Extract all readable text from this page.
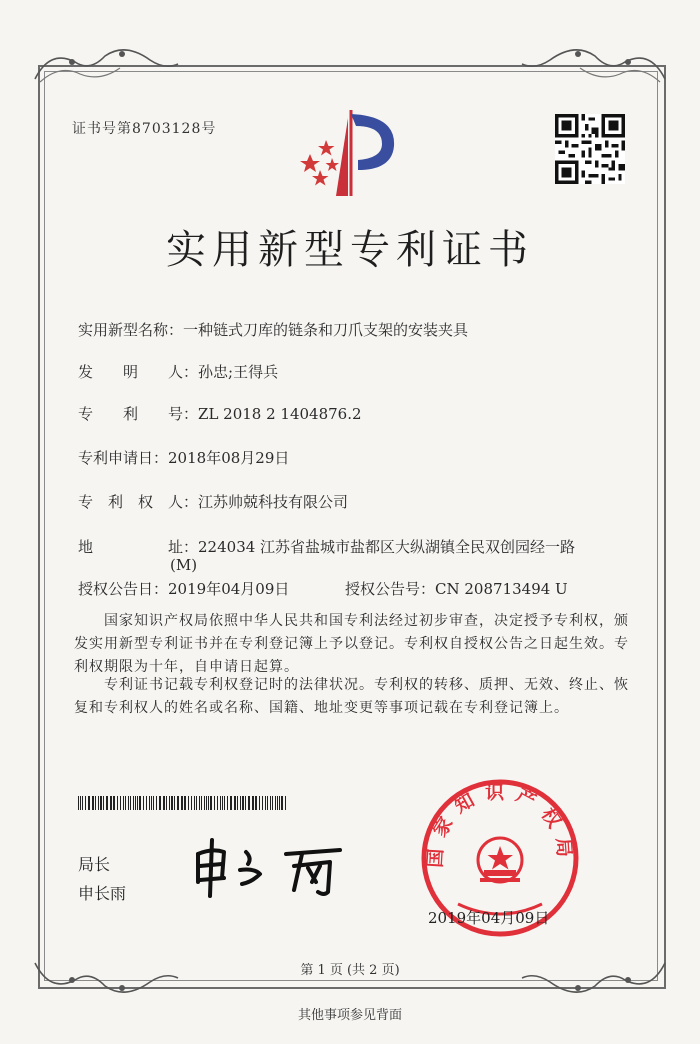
证书号第8703128号
实用新型专利证书
实用新型名称：一种链式刀库的链条和刀爪支架的安装夹具
发　　明　　人：孙忠;王得兵
专　　利　　号：ZL 2018 2 1404876.2
专利申请日：2018年08月29日
专　利　权　人：江苏帅兢科技有限公司
地　　　　　址：224034 江苏省盐城市盐都区大纵湖镇全民双创园经一路
(M)
授权公告日：2019年04月09日	授权公告号：CN 208713494 U
　　国家知识产权局依照中华人民共和国专利法经过初步审查，决定授予专利权，颁发实用新型专利证书并在专利登记簿上予以登记。专利权自授权公告之日起生效。专利权期限为十年，自申请日起算。
　　专利证书记载专利权登记时的法律状况。专利权的转移、质押、无效、终止、恢复和专利权人的姓名或名称、国籍、地址变更等事项记载在专利登记簿上。
局长
申长雨
国家知识产权局
2019年04月09日
第 1 页 (共 2 页)
其他事项参见背面
